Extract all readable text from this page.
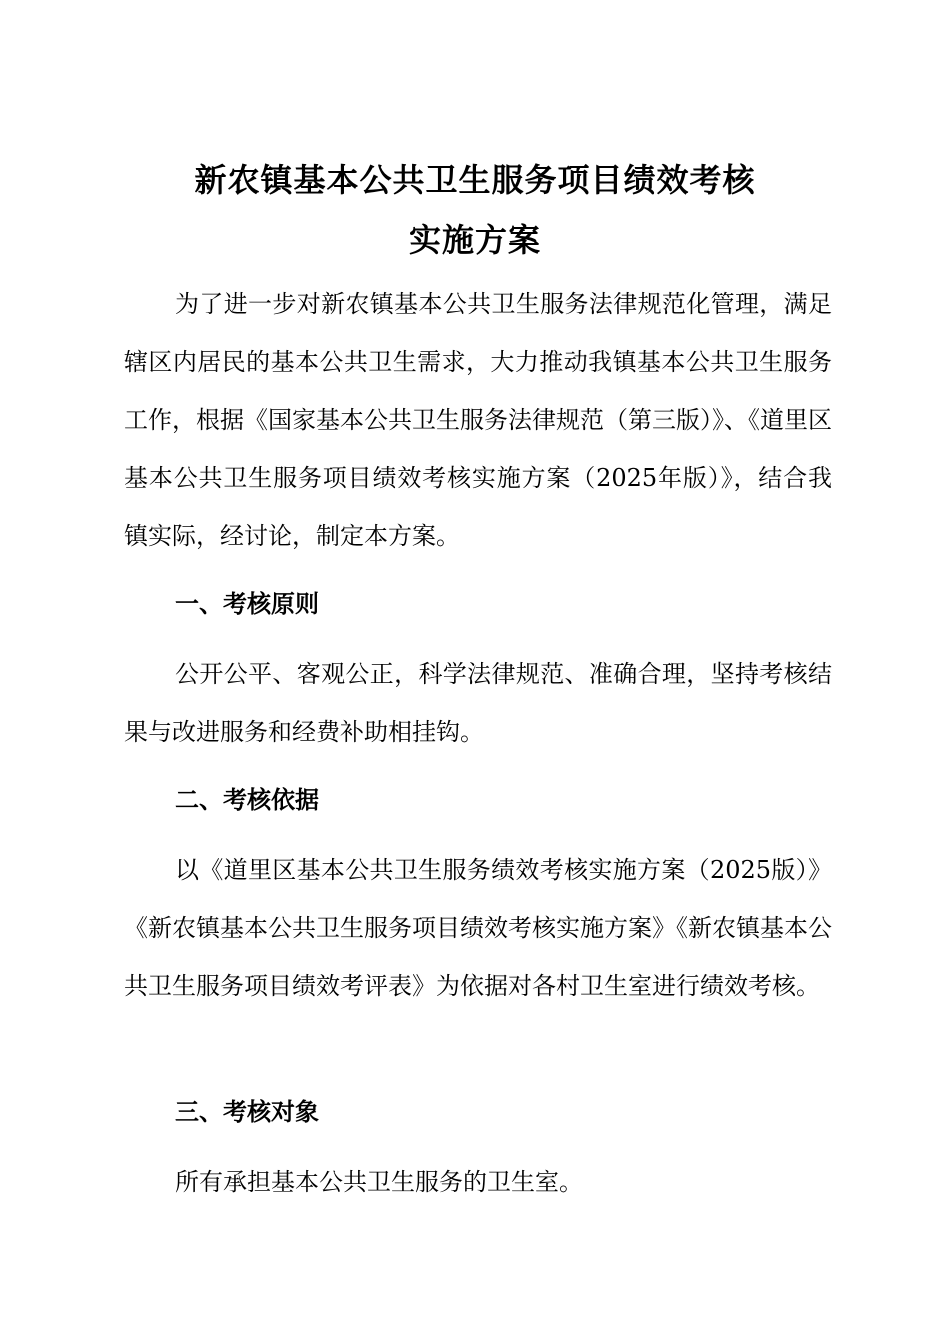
新农镇基本公共卫生服务项目绩效考核
实施方案
为了进一步对新农镇基本公共卫生服务法律规范化管理，满足辖区内居民的基本公共卫生需求，大力推动我镇基本公共卫生服务工作，根据《国家基本公共卫生服务法律规范（第三版）》、《道里区基本公共卫生服务项目绩效考核实施方案（2025年版）》，结合我镇实际，经讨论，制定本方案。
一、考核原则
公开公平、客观公正，科学法律规范、准确合理，坚持考核结果与改进服务和经费补助相挂钩。
二、考核依据
以《道里区基本公共卫生服务绩效考核实施方案（2025版）》《新农镇基本公共卫生服务项目绩效考核实施方案》《新农镇基本公共卫生服务项目绩效考评表》为依据对各村卫生室进行绩效考核。
三、考核对象
所有承担基本公共卫生服务的卫生室。
